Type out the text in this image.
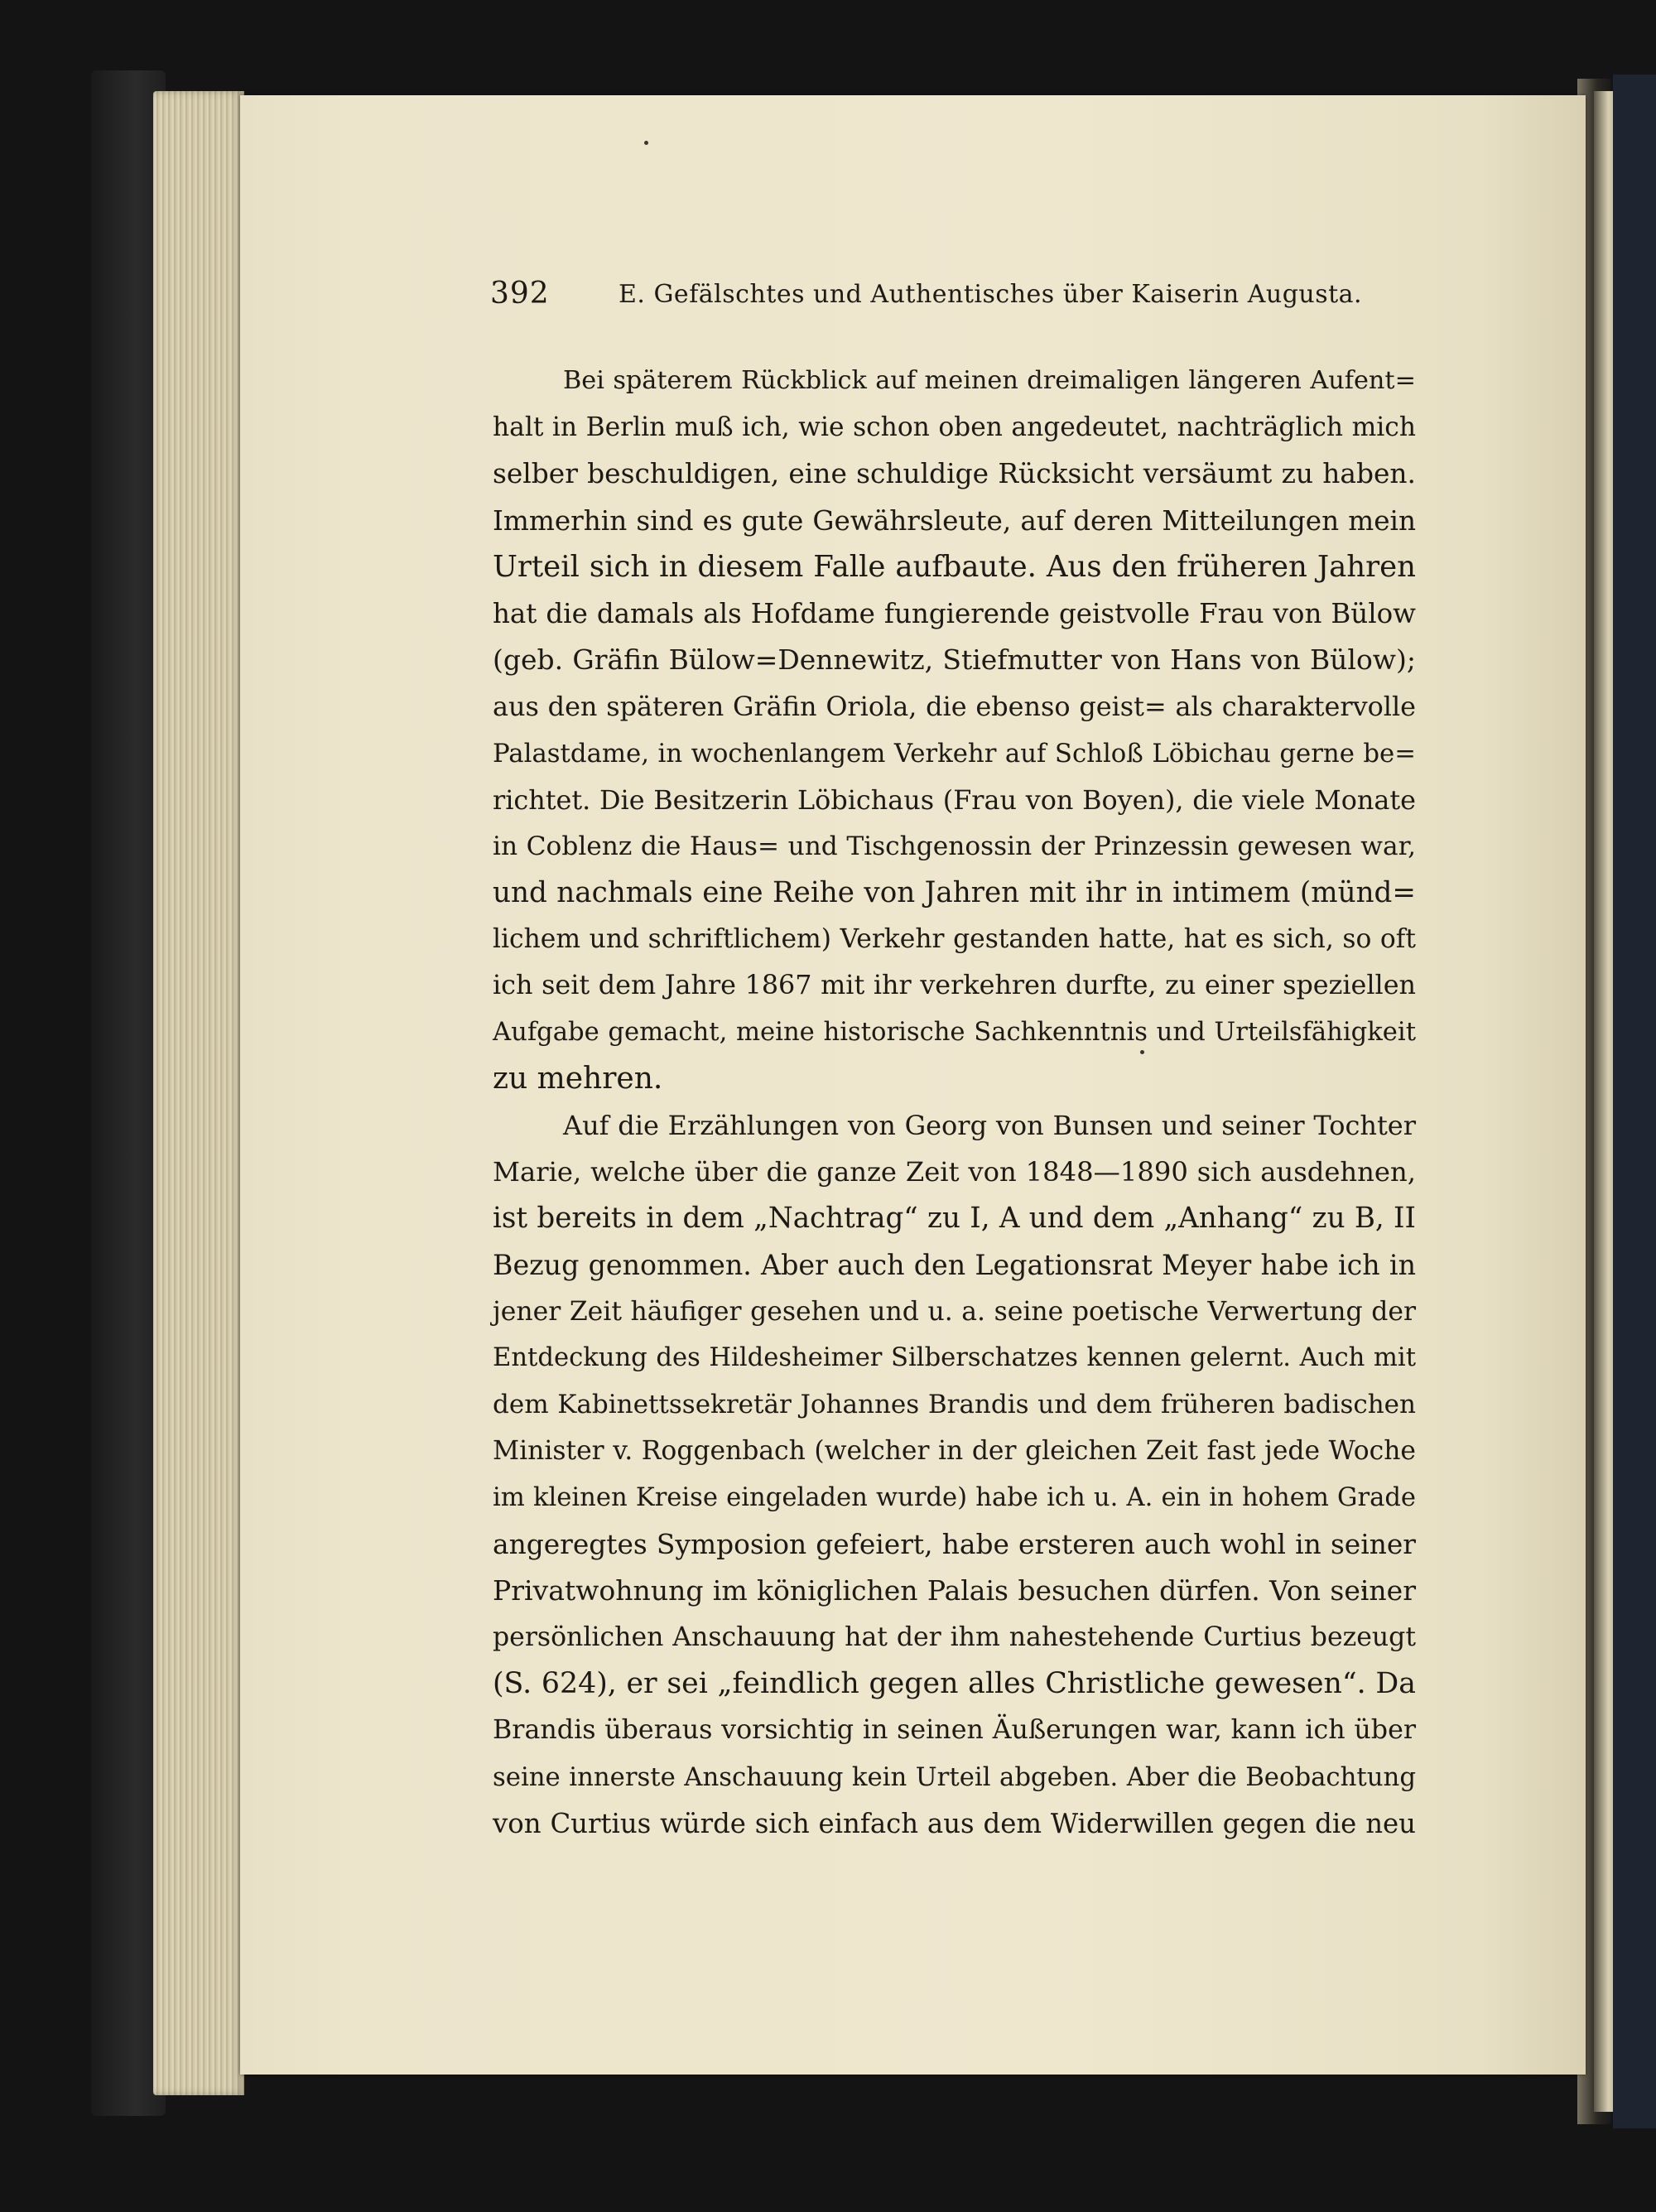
392	E. Gefälschtes und Authentisches über Kaiserin Augusta.
Bei späterem Rückblick auf meinen dreimaligen längeren Aufent=
halt in Berlin muß ich, wie schon oben angedeutet, nachträglich mich
selber beschuldigen, eine schuldige Rücksicht versäumt zu haben.
Immerhin sind es gute Gewährsleute, auf deren Mitteilungen mein
Urteil sich in diesem Falle aufbaute. Aus den früheren Jahren
hat die damals als Hofdame fungierende geistvolle Frau von Bülow
(geb. Gräfin Bülow=Dennewitz, Stiefmutter von Hans von Bülow);
aus den späteren Gräfin Oriola, die ebenso geist= als charaktervolle
Palastdame, in wochenlangem Verkehr auf Schloß Löbichau gerne be=
richtet. Die Besitzerin Löbichaus (Frau von Boyen), die viele Monate
in Coblenz die Haus= und Tischgenossin der Prinzessin gewesen war,
und nachmals eine Reihe von Jahren mit ihr in intimem (münd=
lichem und schriftlichem) Verkehr gestanden hatte, hat es sich, so oft
ich seit dem Jahre 1867 mit ihr verkehren durfte, zu einer speziellen
Aufgabe gemacht, meine historische Sachkenntnis und Urteilsfähigkeit
zu mehren.
Auf die Erzählungen von Georg von Bunsen und seiner Tochter
Marie, welche über die ganze Zeit von 1848—1890 sich ausdehnen,
ist bereits in dem „Nachtrag“ zu I, A und dem „Anhang“ zu B, II
Bezug genommen. Aber auch den Legationsrat Meyer habe ich in
jener Zeit häufiger gesehen und u. a. seine poetische Verwertung der
Entdeckung des Hildesheimer Silberschatzes kennen gelernt. Auch mit
dem Kabinettssekretär Johannes Brandis und dem früheren badischen
Minister v. Roggenbach (welcher in der gleichen Zeit fast jede Woche
im kleinen Kreise eingeladen wurde) habe ich u. A. ein in hohem Grade
angeregtes Symposion gefeiert, habe ersteren auch wohl in seiner
Privatwohnung im königlichen Palais besuchen dürfen. Von seiner
persönlichen Anschauung hat der ihm nahestehende Curtius bezeugt
(S. 624), er sei „feindlich gegen alles Christliche gewesen“. Da
Brandis überaus vorsichtig in seinen Äußerungen war, kann ich über
seine innerste Anschauung kein Urteil abgeben. Aber die Beobachtung
von Curtius würde sich einfach aus dem Widerwillen gegen die neu
